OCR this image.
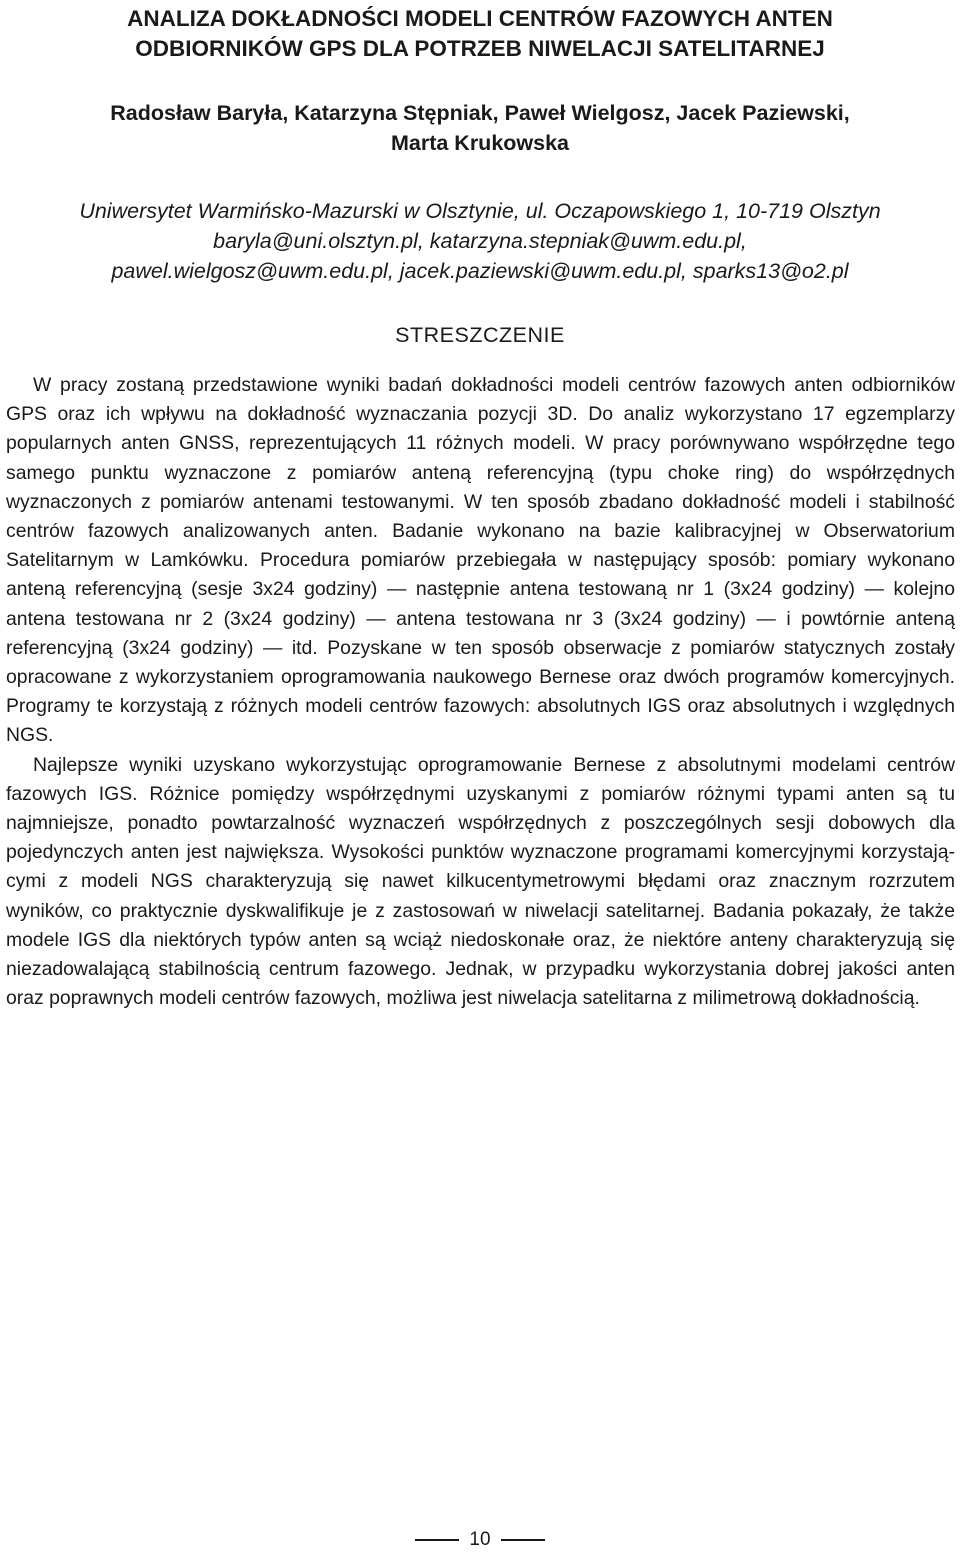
ANALIZA DOKŁADNOŚCI MODELI CENTRÓW FAZOWYCH ANTEN
ODBIORNIKÓW GPS DLA POTRZEB NIWELACJI SATELITARNEJ
Radosław Baryła, Katarzyna Stępniak, Paweł Wielgosz, Jacek Paziewski,
Marta Krukowska
Uniwersytet Warmińsko-Mazurski w Olsztynie, ul. Oczapowskiego 1, 10-719 Olsztyn
baryla@uni.olsztyn.pl, katarzyna.stepniak@uwm.edu.pl,
pawel.wielgosz@uwm.edu.pl, jacek.paziewski@uwm.edu.pl, sparks13@o2.pl
STRESZCZENIE

W pracy zostaną przedstawione wyniki badań dokładności modeli centrów fazowych anten odbiorników GPS oraz ich wpływu na dokładność wyznaczania pozycji 3D. Do analiz wykorzystano 17 egzemplarzy popularnych anten GNSS, reprezentujących 11 różnych modeli. W pracy porównywano współrzędne tego samego punktu wyznaczone z pomiarów anteną referencyjną (typu choke ring) do współrzędnych wyznaczonych z pomiarów antenami testowanymi. W ten sposób zbadano dokładność modeli i stabilność centrów fazowych analizowanych anten. Badanie wykonano na bazie kalibracyjnej w Obserwatorium Satelitarnym w Lamkówku. Procedura pomiarów przebiegała w następujący sposób: pomiary wykonano anteną referencyjną (sesje 3x24 godziny) — następnie antena testowaną nr 1 (3x24 godziny) — kolejno antena testowana nr 2 (3x24 godziny) — antena testowana nr 3 (3x24 godziny) — i powtórnie anteną referencyjną (3x24 godziny) — itd. Pozyskane w ten sposób obserwacje z pomiarów statycznych zostały opracowane z wykorzystaniem oprogramowania naukowego Bernese oraz dwóch programów komercyjnych. Programy te korzystają z różnych modeli centrów fazowych: absolutnych IGS oraz absolutnych i względnych NGS.

Najlepsze wyniki uzyskano wykorzystując oprogramowanie Bernese z absolutnymi modelami centrów fazowych IGS. Różnice pomiędzy współrzędnymi uzyskanymi z pomiarów różnymi typami anten są tu najmniejsze, ponadto powtarzalność wyznaczeń współrzędnych z poszczególnych sesji dobowych dla pojedynczych anten jest największa. Wysokości punktów wyznaczone programami komercyjnymi korzystającymi z modeli NGS charakteryzują się nawet kilkucentymetrowymi błędami oraz znacznym rozrzutem wyników, co praktycznie dyskwalifikuje je z zastosowań w niwelacji satelitarnej. Badania pokazały, że także modele IGS dla niektórych typów anten są wciąż niedoskonałe oraz, że niektóre anteny charakteryzują się niezadowalającą stabilnością centrum fazowego. Jednak, w przypadku wykorzystania dobrej jakości anten oraz poprawnych modeli centrów fazowych, możliwa jest niwelacja satelitarna z milimetrową dokładnością.

10
